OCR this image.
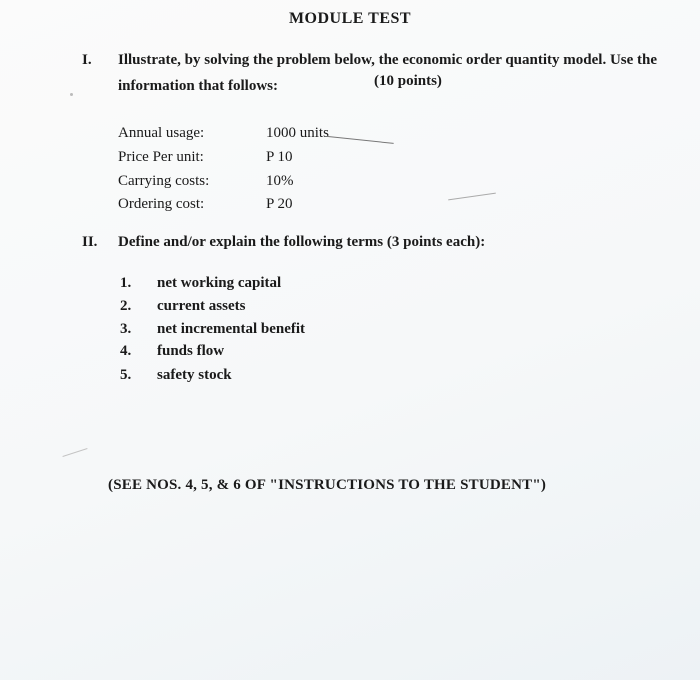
MODULE TEST
I. Illustrate, by solving the problem below, the economic order quantity model. Use the information that follows:	(10 points)
Annual usage:	1000 units
Price Per unit:	P 10
Carrying costs:	10%
Ordering cost:	P 20
II. Define and/or explain the following terms (3 points each):
1. net working capital
2. current assets
3. net incremental benefit
4. funds flow
5. safety stock
(SEE NOS. 4, 5, & 6 OF "INSTRUCTIONS TO THE STUDENT")
